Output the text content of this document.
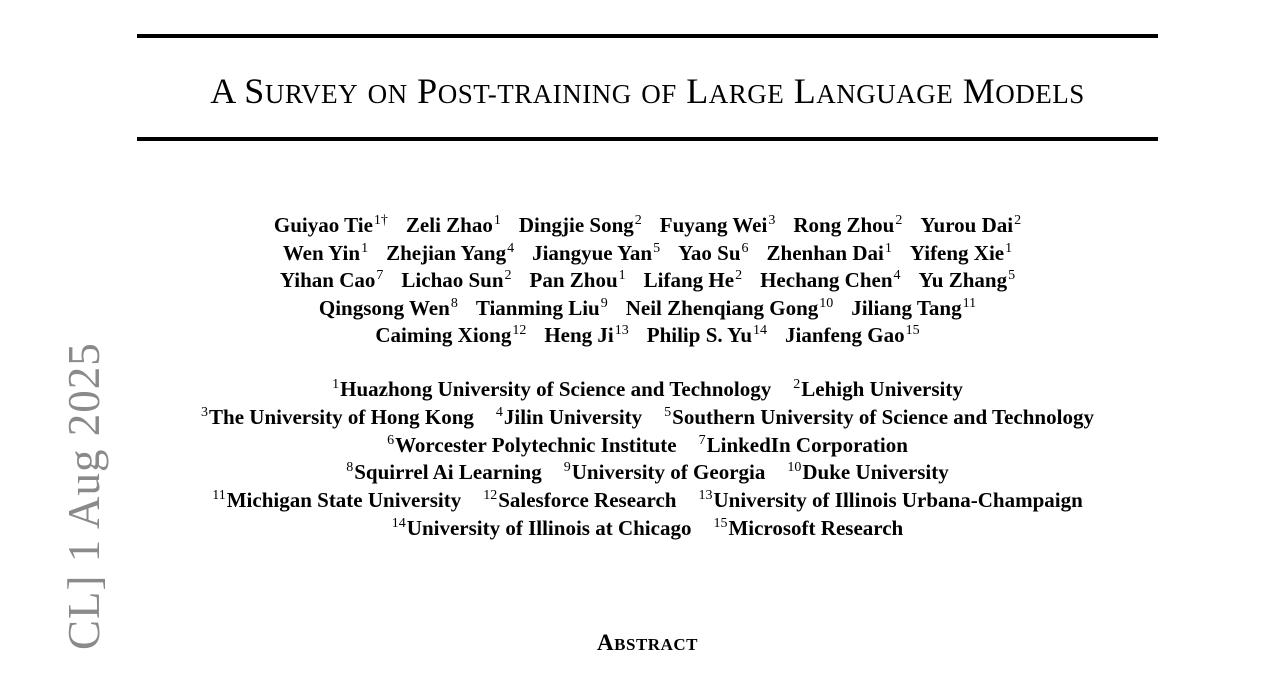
A SURVEY ON POST-TRAINING OF LARGE LANGUAGE MODELS
Guiyao Tie$^{1\dagger}$ Zeli Zhao$^1$ Dingjie Song$^2$ Fuyang Wei$^3$ Rong Zhou$^2$ Yurou Dai$^2$
Wen Yin$^1$ Zhejian Yang$^4$ Jiangyue Yan$^5$ Yao Su$^6$ Zhenhan Dai$^1$ Yifeng Xie$^1$
Yihan Cao$^7$ Lichao Sun$^2$ Pan Zhou$^1$ Lifang He$^2$ Hechang Chen$^4$ Yu Zhang$^5$
Qingsong Wen$^8$ Tianming Liu$^9$ Neil Zhenqiang Gong$^{10}$ Jiliang Tang$^{11}$
Caiming Xiong$^{12}$ Heng Ji$^{13}$ Philip S. Yu$^{14}$ Jianfeng Gao$^{15}$
$^1$Huazhong University of Science and Technology $^2$Lehigh University
$^3$The University of Hong Kong $^4$Jilin University $^5$Southern University of Science and Technology
$^6$Worcester Polytechnic Institute $^7$LinkedIn Corporation
$^8$Squirrel Ai Learning $^9$University of Georgia $^{10}$Duke University
$^{11}$Michigan State University $^{12}$Salesforce Research $^{13}$University of Illinois Urbana-Champaign
$^{14}$University of Illinois at Chicago $^{15}$Microsoft Research
ABSTRACT
CL] 1 Aug 2025
